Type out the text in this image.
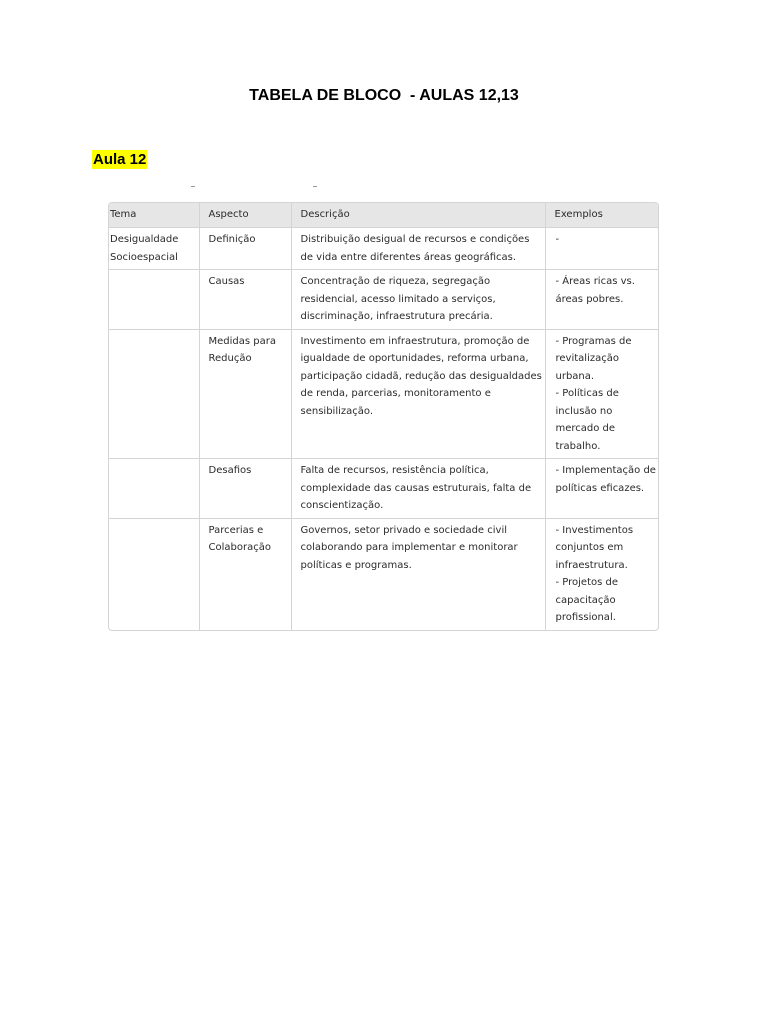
TABELA DE BLOCO  - AULAS 12,13
Aula 12
Tema	Aspecto	Descrição	Exemplos
Desigualdade Socioespacial	Definição	Distribuição desigual de recursos e condições de vida entre diferentes áreas geográficas.	-

	Causas	Concentração de riqueza, segregação residencial, acesso limitado a serviços, discriminação, infraestrutura precária.	- Áreas ricas vs. áreas pobres.

	Medidas para Redução	Investimento em infraestrutura, promoção de igualdade de oportunidades, reforma urbana, participação cidadã, redução das desigualdades de renda, parcerias, monitoramento e sensibilização.	- Programas de revitalização urbana.
- Políticas de inclusão no mercado de trabalho.

	Desafios	Falta de recursos, resistência política, complexidade das causas estruturais, falta de conscientização.	- Implementação de políticas eficazes.

	Parcerias e Colaboração	Governos, setor privado e sociedade civil colaborando para implementar e monitorar políticas e programas.	- Investimentos conjuntos em infraestrutura.
- Projetos de capacitação profissional.
